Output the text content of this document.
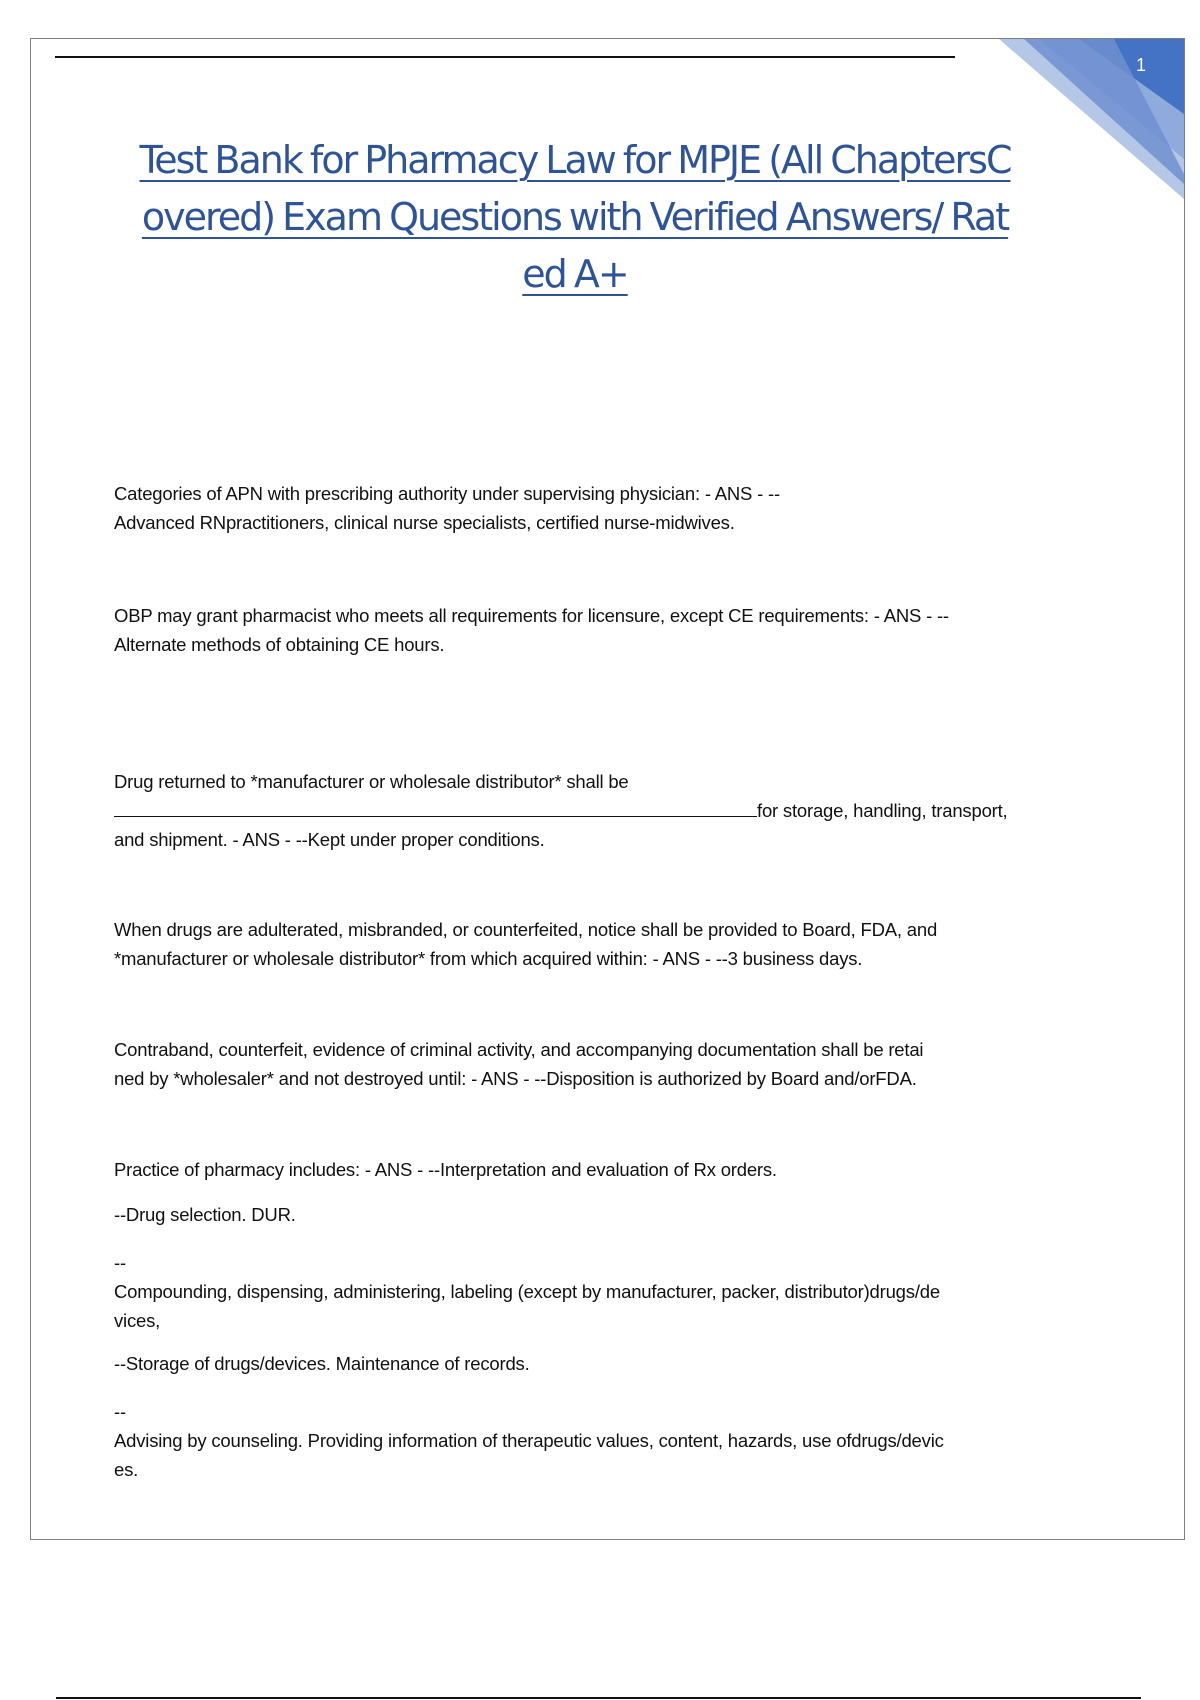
1
Test Bank for Pharmacy Law for MPJE (All ChaptersC
overed) Exam Questions with Verified Answers/ Rat
ed A+

Categories of APN with prescribing authority under supervising physician: - ANS - --
Advanced RNpractitioners, clinical nurse specialists, certified nurse-midwives.

OBP may grant pharmacist who meets all requirements for licensure, except CE requirements: - ANS - --
Alternate methods of obtaining CE hours.

Drug returned to *manufacturer or wholesale distributor* shall be
for storage, handling, transport,
and shipment. - ANS - --Kept under proper conditions.

When drugs are adulterated, misbranded, or counterfeited, notice shall be provided to Board, FDA, and
*manufacturer or wholesale distributor* from which acquired within: - ANS - --3 business days.

Contraband, counterfeit, evidence of criminal activity, and accompanying documentation shall be retai
ned by *wholesaler* and not destroyed until: - ANS - --Disposition is authorized by Board and/orFDA.

Practice of pharmacy includes: - ANS - --Interpretation and evaluation of Rx orders.

--Drug selection. DUR.

--
Compounding, dispensing, administering, labeling (except by manufacturer, packer, distributor)drugs/de
vices,

--Storage of drugs/devices. Maintenance of records.

--
Advising by counseling. Providing information of therapeutic values, content, hazards, use ofdrugs/devic
es.
